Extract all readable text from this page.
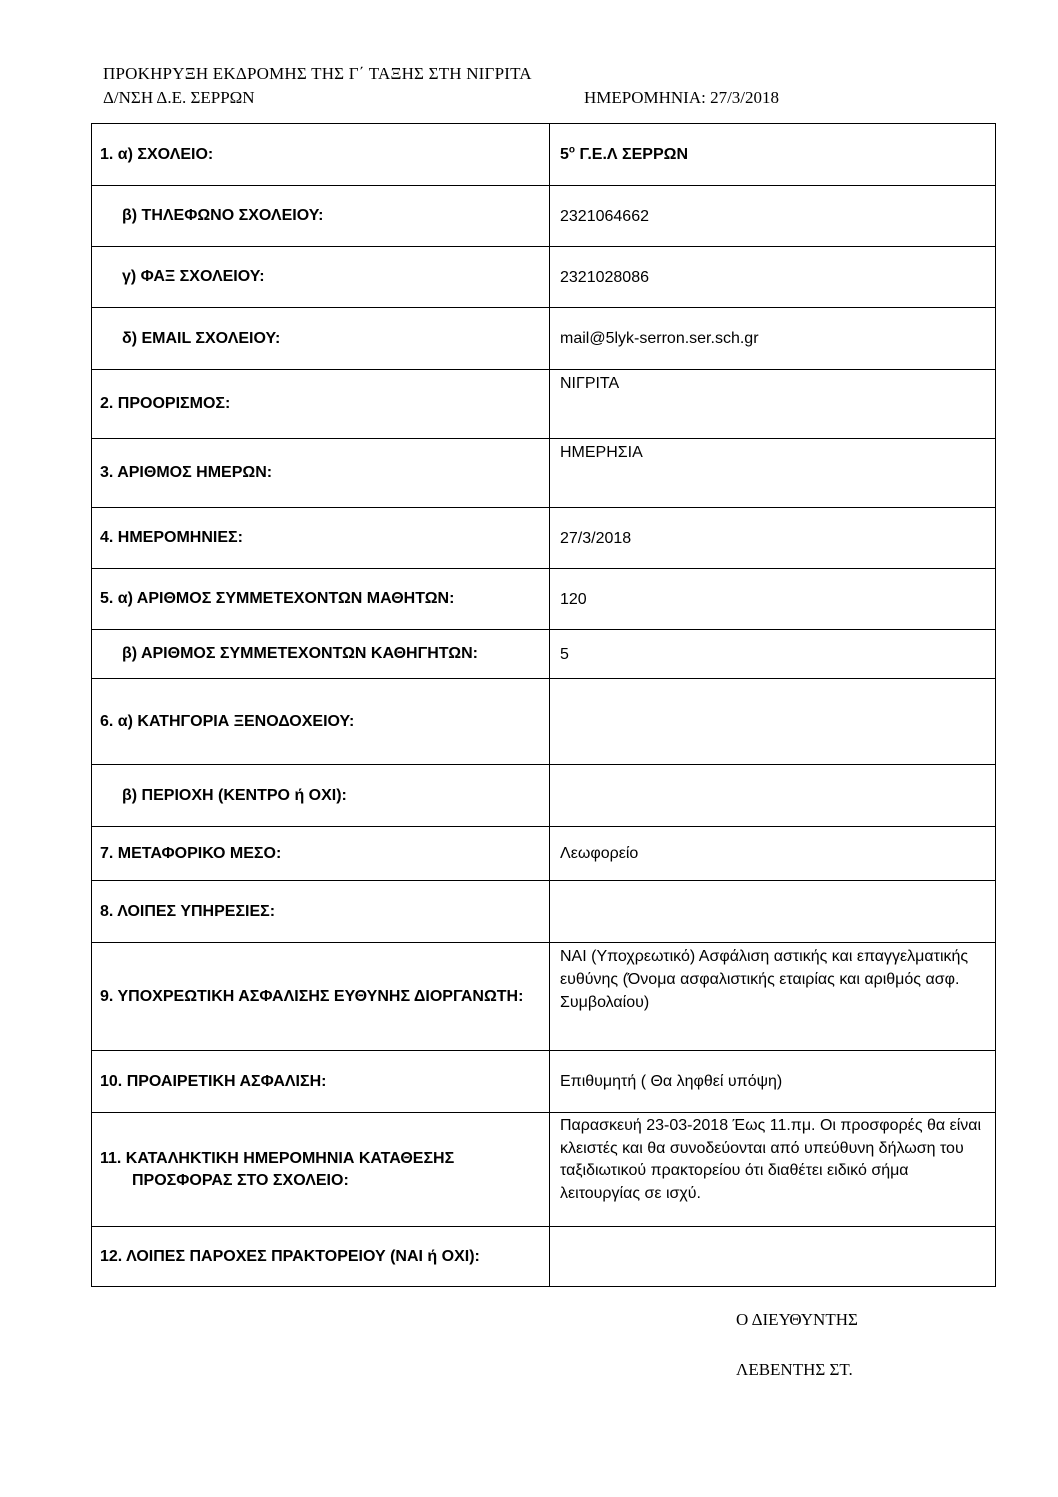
ΠΡΟΚΗΡΥΞΗ ΕΚΔΡΟΜΗΣ ΤΗΣ Γ΄ ΤΑΞΗΣ ΣΤΗ ΝΙΓΡΙΤΑ
Δ/ΝΣΗ Δ.Ε. ΣΕΡΡΩΝ	ΗΜΕΡΟΜΗΝΙΑ: 27/3/2018
1. α) ΣΧΟΛΕΙΟ:	$5^o$ Γ.Ε.Λ ΣΕΡΡΩΝ

β) ΤΗΛΕΦΩΝΟ ΣΧΟΛΕΙΟΥ:	2321064662

γ) ΦΑΞ ΣΧΟΛΕΙΟΥ:	2321028086

δ) EMAIL ΣΧΟΛΕΙΟΥ:	mail@5lyk-serron.ser.sch.gr

2. ΠΡΟΟΡΙΣΜΟΣ:	ΝΙΓΡΙΤΑ

3. ΑΡΙΘΜΟΣ ΗΜΕΡΩΝ:	ΗΜΕΡΗΣΙΑ

4. ΗΜΕΡΟΜΗΝΙΕΣ:	27/3/2018

5. α) ΑΡΙΘΜΟΣ ΣΥΜΜΕΤΕΧΟΝΤΩΝ ΜΑΘΗΤΩΝ:	120

β) ΑΡΙΘΜΟΣ ΣΥΜΜΕΤΕΧΟΝΤΩΝ ΚΑΘΗΓΗΤΩΝ:	5

6. α) ΚΑΤΗΓΟΡΙΑ ΞΕΝΟΔΟΧΕΙΟΥ:	

β) ΠΕΡΙΟΧΗ (ΚΕΝΤΡΟ ή ΟΧΙ):	

7. ΜΕΤΑΦΟΡΙΚΟ ΜΕΣΟ:	Λεωφορείο

8. ΛΟΙΠΕΣ ΥΠΗΡΕΣΙΕΣ:	

9. ΥΠΟΧΡΕΩΤΙΚΗ ΑΣΦΑΛΙΣΗΣ ΕΥΘΥΝΗΣ ΔΙΟΡΓΑΝΩΤΗ:	ΝΑΙ (Υποχρεωτικό) Ασφάλιση αστικής και επαγγελματικής ευθύνης (Όνομα ασφαλιστικής εταιρίας και αριθμός ασφ. Συμβολαίου)

10. ΠΡΟΑΙΡΕΤΙΚΗ ΑΣΦΑΛΙΣΗ:	Επιθυμητή ( Θα ληφθεί υπόψη)

11. ΚΑΤΑΛΗΚΤΙΚΗ ΗΜΕΡΟΜΗΝΙΑ ΚΑΤΑΘΕΣΗΣ ΠΡΟΣΦΟΡΑΣ ΣΤΟ ΣΧΟΛΕΙΟ:	Παρασκευή 23-03-2018 Έως 11.πμ. Οι προσφορές θα είναι κλειστές και θα συνοδεύονται από υπεύθυνη δήλωση του ταξιδιωτικού πρακτορείου ότι διαθέτει ειδικό σήμα λειτουργίας σε ισχύ.

12. ΛΟΙΠΕΣ ΠΑΡΟΧΕΣ ΠΡΑΚΤΟΡΕΙΟΥ (ΝΑΙ ή ΟΧΙ):	

Ο ΔΙΕΥΘΥΝΤΗΣ
ΛΕΒΕΝΤΗΣ ΣΤ.
